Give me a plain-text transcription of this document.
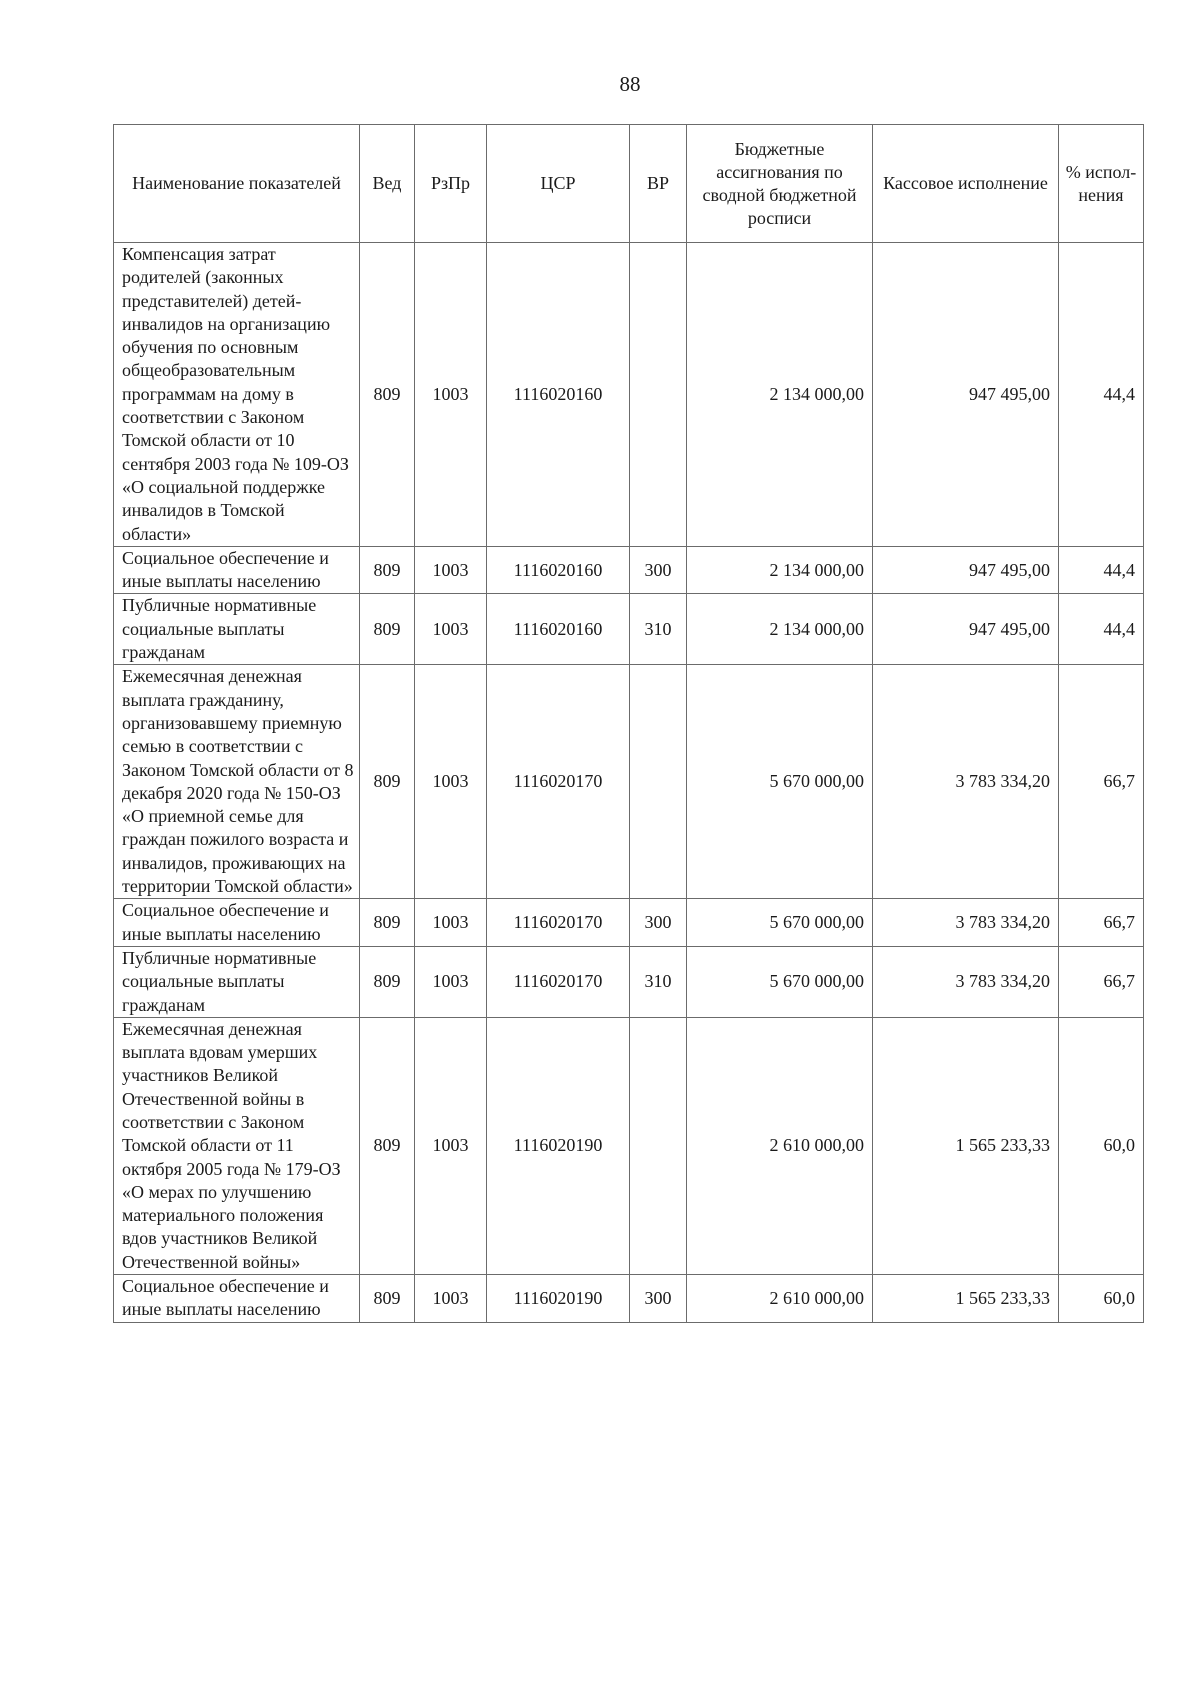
88
Наименование показателей	Вед	РзПр	ЦСР	ВР	Бюджетные ассигнования по сводной бюджетной росписи	Кассовое исполнение	% испол-нения
Компенсация затрат родителей (законных представителей) детей-инвалидов на организацию обучения по основным общеобразовательным программам на дому в соответствии с Законом Томской области от 10 сентября 2003 года № 109-ОЗ «О социальной поддержке инвалидов в Томской области»	809	1003	1116020160		2 134 000,00	947 495,00	44,4
Социальное обеспечение и иные выплаты населению	809	1003	1116020160	300	2 134 000,00	947 495,00	44,4
Публичные нормативные социальные выплаты гражданам	809	1003	1116020160	310	2 134 000,00	947 495,00	44,4
Ежемесячная денежная выплата гражданину, организовавшему приемную семью в соответствии с Законом Томской области от 8 декабря 2020 года № 150-ОЗ «О приемной семье для граждан пожилого возраста и инвалидов, проживающих на территории Томской области»	809	1003	1116020170		5 670 000,00	3 783 334,20	66,7
Социальное обеспечение и иные выплаты населению	809	1003	1116020170	300	5 670 000,00	3 783 334,20	66,7
Публичные нормативные социальные выплаты гражданам	809	1003	1116020170	310	5 670 000,00	3 783 334,20	66,7
Ежемесячная денежная выплата вдовам умерших участников Великой Отечественной войны в соответствии с Законом Томской области от 11 октября 2005 года № 179-ОЗ «О мерах по улучшению материального положения вдов участников Великой Отечественной войны»	809	1003	1116020190		2 610 000,00	1 565 233,33	60,0
Социальное обеспечение и иные выплаты населению	809	1003	1116020190	300	2 610 000,00	1 565 233,33	60,0
